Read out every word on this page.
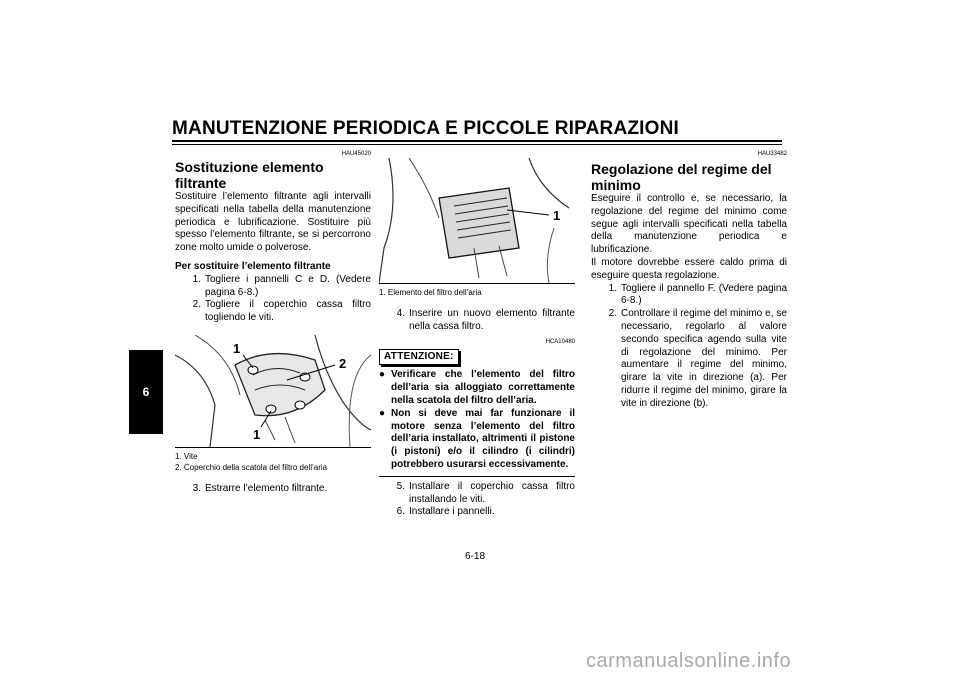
MANUTENZIONE PERIODICA E PICCOLE RIPARAZIONI
6
HAU45020
Sostituzione elemento filtrante

Sostituire l’elemento filtrante agli intervalli specificati nella tabella della manutenzione periodica e lubrificazione. Sostituire più spesso l’elemento filtrante, se si percorrono zone molto umide o polverose.

Per sostituire l’elemento filtrante

1. Togliere i pannelli C e D. (Vedere pagina 6-8.)
2. Togliere il coperchio cassa filtro togliendo le viti.
1
2
1
1. Vite
2. Coperchio della scatola del filtro dell’aria
3. Estrarre l’elemento filtrante.
1
1. Elemento del filtro dell’aria
4. Inserire un nuovo elemento filtrante nella cassa filtro.
HCA10480
ATTENZIONE:
● Verificare che l’elemento del filtro dell’aria sia alloggiato correttamente nella scatola del filtro dell’aria.
● Non si deve mai far funzionare il motore senza l’elemento del filtro dell’aria installato, altrimenti il pistone (i pistoni) e/o il cilindro (i cilindri) potrebbero usurarsi eccessivamente.
5. Installare il coperchio cassa filtro installando le viti.
6. Installare i pannelli.
HAU33482
Regolazione del regime del minimo

Eseguire il controllo e, se necessario, la regolazione del regime del minimo come segue agli intervalli specificati nella tabella della manutenzione periodica e lubrificazione.

Il motore dovrebbe essere caldo prima di eseguire questa regolazione.

1. Togliere il pannello F. (Vedere pagina 6-8.)
2. Controllare il regime del minimo e, se necessario, regolarlo al valore secondo specifica agendo sulla vite di regolazione del minimo. Per aumentare il regime del minimo, girare la vite in direzione (a). Per ridurre il regime del minimo, girare la vite in direzione (b).
6-18
carmanualsonline.info
